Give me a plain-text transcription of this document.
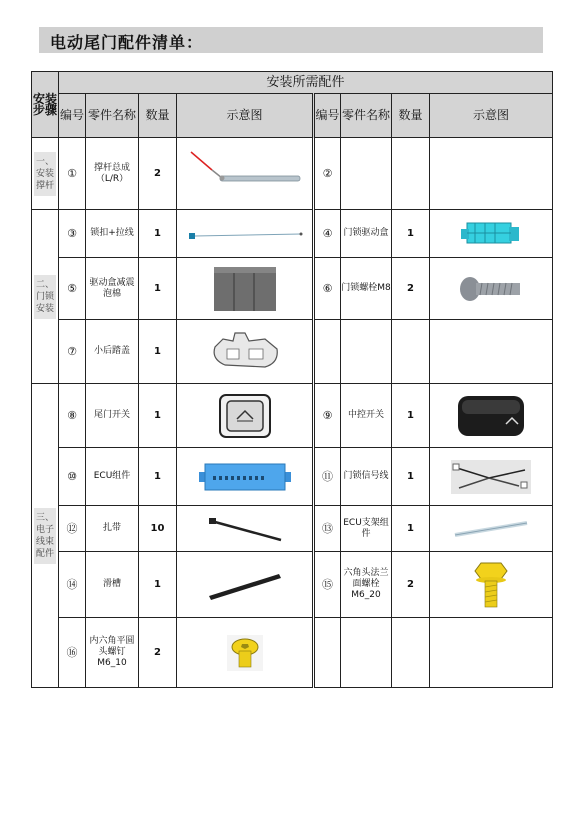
电动尾门配件清单：
安装步骤	安装所需配件							
	编号	零件名称	数量	示意图	编号	零件名称	数量	示意图

一、安装撑杆	①	撑杆总成（L/R）	2		②			

二、门锁安装	③	锁扣+拉线	1		④	门锁驱动盒	1	

	⑤	驱动盒减震泡棉	1		⑥	门锁螺栓M8	2	

	⑦	小后踏盖	1	

三、电子线束配件	⑧	尾门开关	1		⑨	中控开关	1	

	⑩	ECU组件	1		⑪	门锁信号线	1	

	⑫	扎带	10		⑬	ECU支架组件	1	

	⑭	滑槽	1		⑮	六角头法兰面螺栓M6_20	2	

	⑯	内六角平圆头螺钉M6_10	2	
